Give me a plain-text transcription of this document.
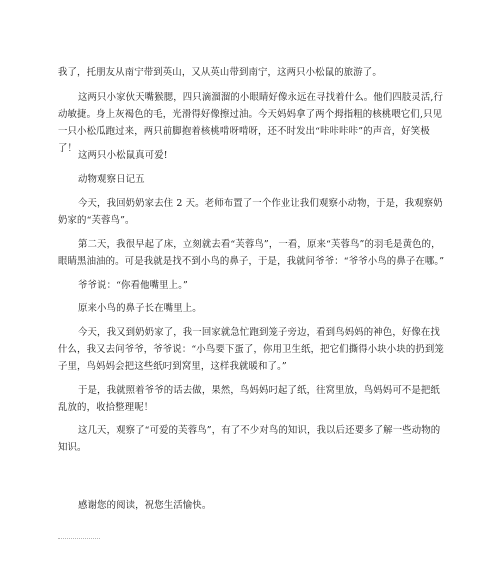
我了，托朋友从南宁带到英山，又从英山带到南宁，这两只小松鼠的旅游了。

这两只小家伙天嘴猴腮，四只滴溜溜的小眼睛好像永远在寻找着什么。他们四肢灵活,行动敏捷。身上灰褐色的毛，光滑得好像擦过油。今天妈妈拿了两个拇指粗的核桃喂它们,只见一只小松瓜跑过来，两只前脚抱着核桃啃呀啃呀，还不时发出“咔咔咔咔”的声音，好笑极了！

这两只小松鼠真可爱!

动物观察日记五

今天，我回奶奶家去住 2 天。老师布置了一个作业让我们观察小动物，于是，我观察奶奶家的“芙蓉鸟”。

第二天，我很早起了床，立刻就去看“芙蓉鸟”，一看，原来“芙蓉鸟”的羽毛是黄色的，眼睛黑油油的。可是我就是找不到小鸟的鼻子，于是，我就问爷爷：“爷爷小鸟的鼻子在哪。”

爷爷说：“你看他嘴里上。”

原来小鸟的鼻子长在嘴里上。

今天，我又到奶奶家了，我一回家就急忙跑到笼子旁边，看到鸟妈妈的神色，好像在找什么，我又去问爷爷，爷爷说：“小鸟要下蛋了，你用卫生纸，把它们撕得小块小块的扔到笼子里，鸟妈妈会把这些纸叼到窝里，这样我就暖和了。”

于是，我就照着爷爷的话去做，果然，鸟妈妈叼起了纸，往窝里放，鸟妈妈可不是把纸乱放的，收拾整理呢！

这几天，观察了“可爱的芙蓉鸟”，有了不少对鸟的知识，我以后还要多了解一些动物的知识。

感谢您的阅读，祝您生活愉快。
